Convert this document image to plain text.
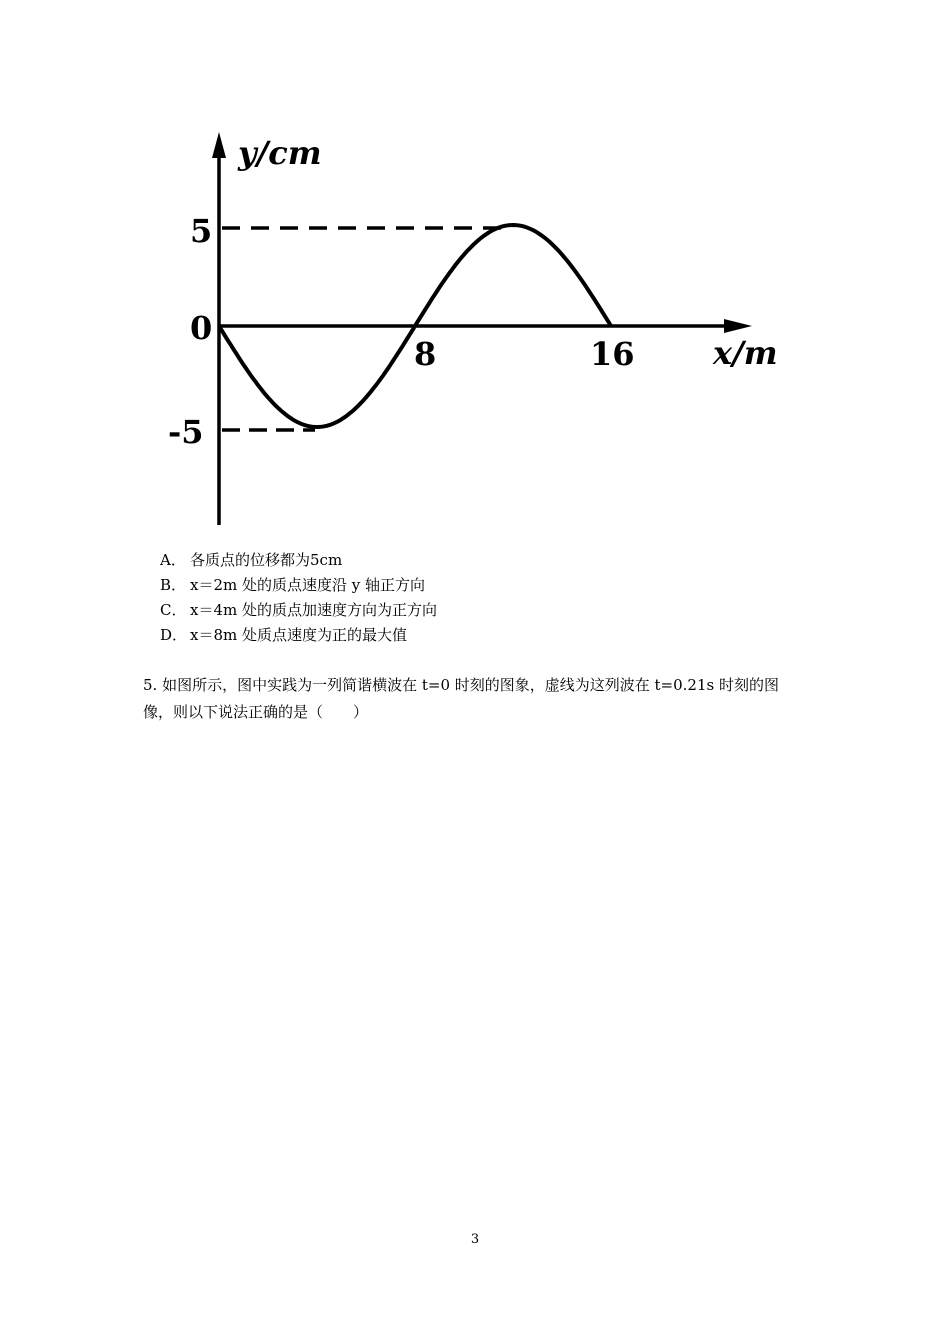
5
0
-5
8	16
y/cm
x/m
A． 各质点的位移都为5cm
B． x＝2m 处的质点速度沿 y 轴正方向
C． x＝4m 处的质点加速度方向为正方向
D． x＝8m 处质点速度为正的最大值
5. 如图所示，图中实践为一列简谐横波在 t=0 时刻的图象，虚线为这列波在 t=0.21s 时刻的图
像，则以下说法正确的是（　　）
3
